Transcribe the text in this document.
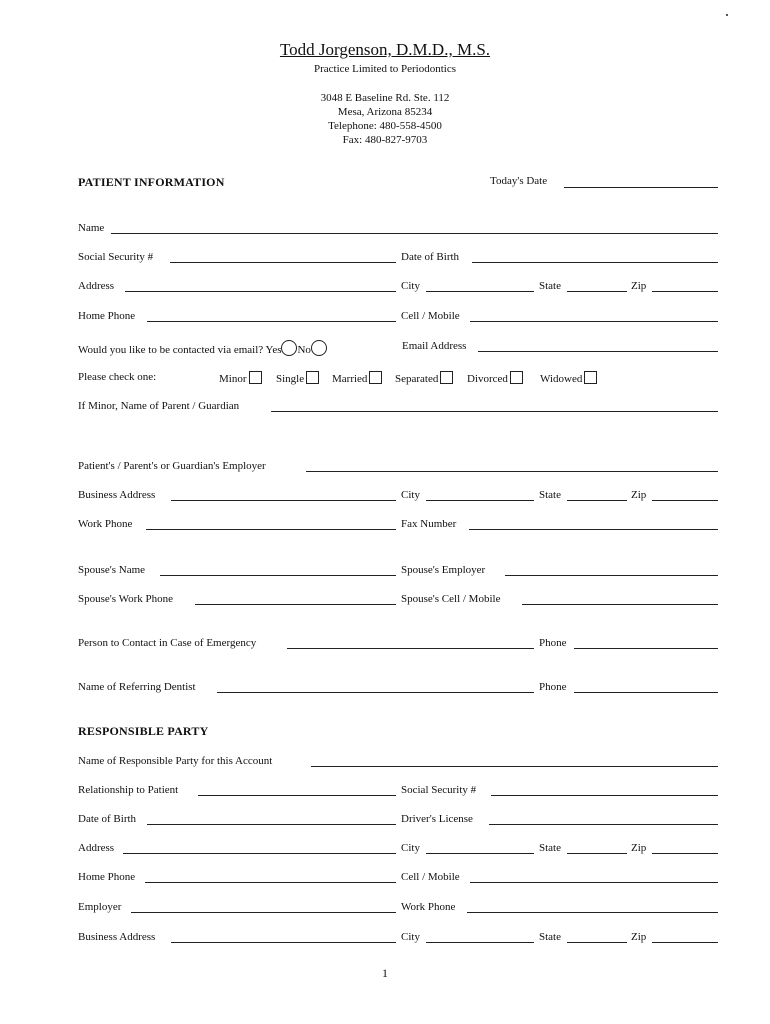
Todd Jorgenson, D.M.D., M.S.
Practice Limited to Periodontics
3048 E Baseline Rd. Ste. 112
Mesa, Arizona 85234
Telephone: 480-558-4500
Fax: 480-827-9703
PATIENT INFORMATION	Today's Date
Name
Social Security #	Date of Birth
Address	City	State	Zip
Home Phone	Cell / Mobile
Would you like to be contacted via email? Yes No	Email Address
Please check one:	Minor	Single	Married	Separated	Divorced	Widowed
If Minor, Name of Parent / Guardian
Patient's / Parent's or Guardian's Employer
Business Address	City	State	Zip
Work Phone	Fax Number
Spouse's Name	Spouse's Employer
Spouse's Work Phone	Spouse's Cell / Mobile
Person to Contact in Case of Emergency	Phone
Name of Referring Dentist	Phone
RESPONSIBLE PARTY
Name of Responsible Party for this Account
Relationship to Patient	Social Security #
Date of Birth	Driver's License
Address	City	State	Zip
Home Phone	Cell / Mobile
Employer	Work Phone
Business Address	City	State	Zip
1
